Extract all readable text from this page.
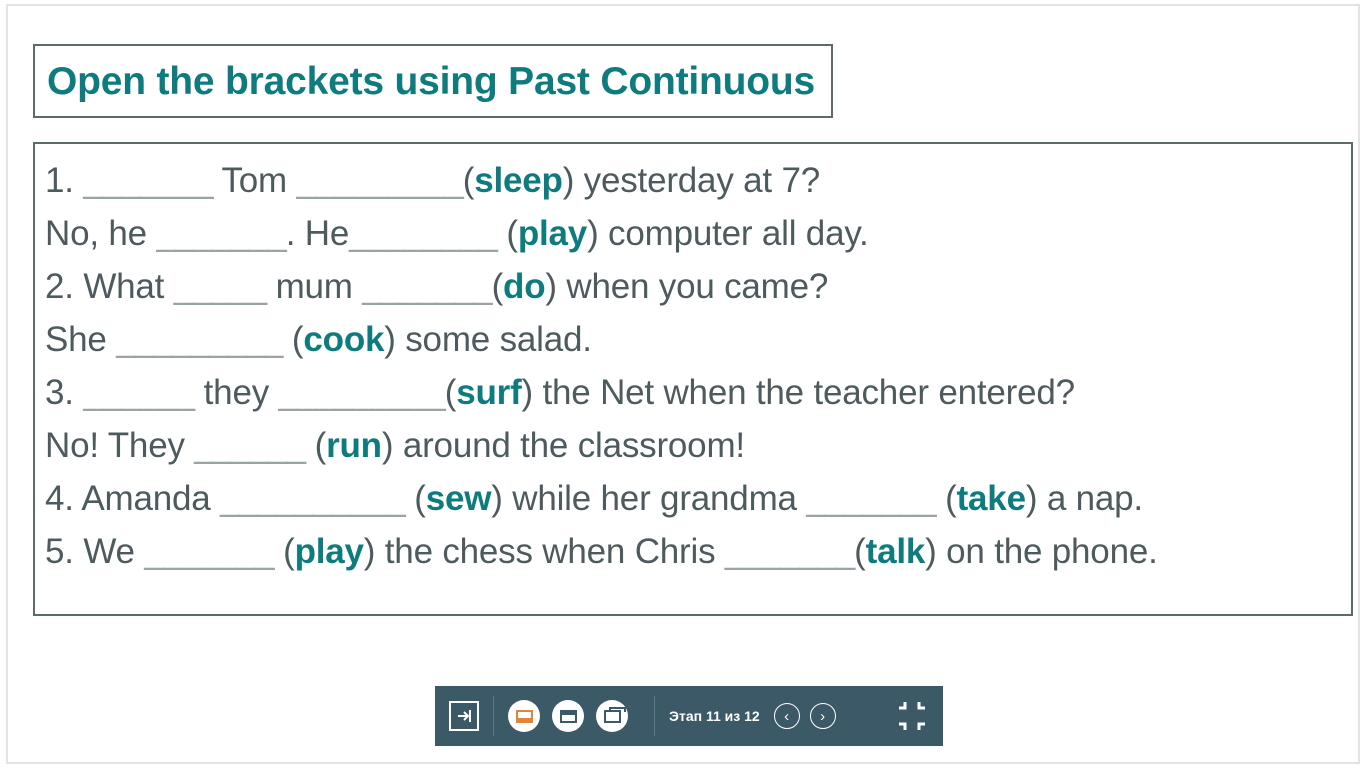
Open the brackets using Past Continuous
1. _______ Tom _________(sleep) yesterday at 7?
No, he _______. He________ (play) computer all day.
2. What _____ mum _______(do) when you came?
She _________ (cook) some salad.
3. ______ they _________(surf) the Net when the teacher entered?
No! They ______ (run) around the classroom!
4. Amanda __________ (sew) while her grandma _______ (take) a nap.
5. We _______ (play) the chess when Chris _______(talk) on the phone.
Этап 11 из 12	‹	›
